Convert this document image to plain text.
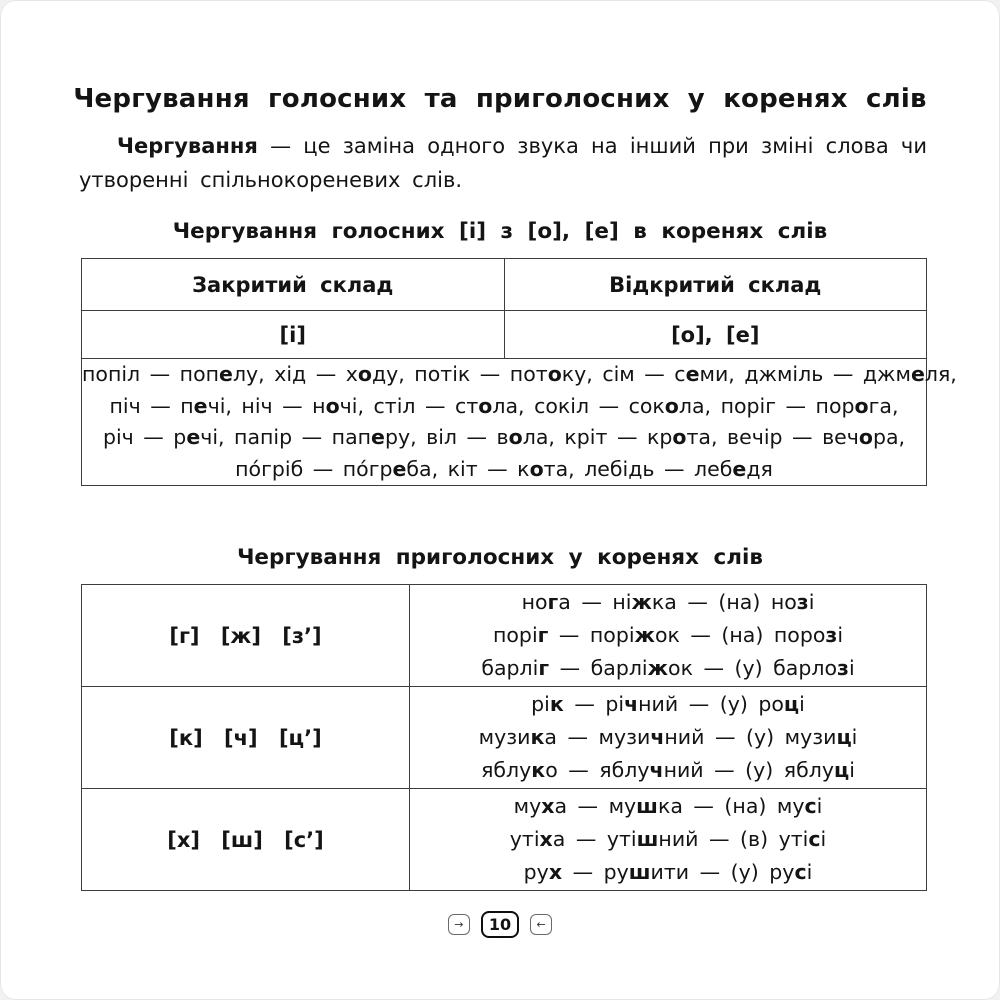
Чергування голосних та приголосних у коренях слів

Чергування — це заміна одного звука на інший при зміні слова чи утворенні спільнокореневих слів.

Чергування голосних [і] з [о], [е] в коренях слів
Закритий склад	Відкритий склад
[і]	[о], [е]

попіл — попелу, хід — ходу, потік — потоку, сім — семи, джміль — джмеля,
піч — печі, ніч — ночі, стіл — стола, сокіл — сокола, поріг — порога,
річ — речі, папір — паперу, віл — вола, кріт — крота, вечір — вечора,
по́гріб — по́греба, кіт — кота, лебідь — лебедя	
Чергування приголосних у коренях слів
[г] [ж] [з’]	нога — ніжка — (на) нозі
поріг — поріжок — (на) порозі
барліг — барліжок — (у) барлозі

[к] [ч] [ц’]	рік — річний — (у) році
музика — музичний — (у) музиці
яблуко — яблучний — (у) яблуці

[х] [ш] [с’]	муха — мушка — (на) мусі
утіха — утішний — (в) утісі
рух — рушити — (у) русі
→	10	←
